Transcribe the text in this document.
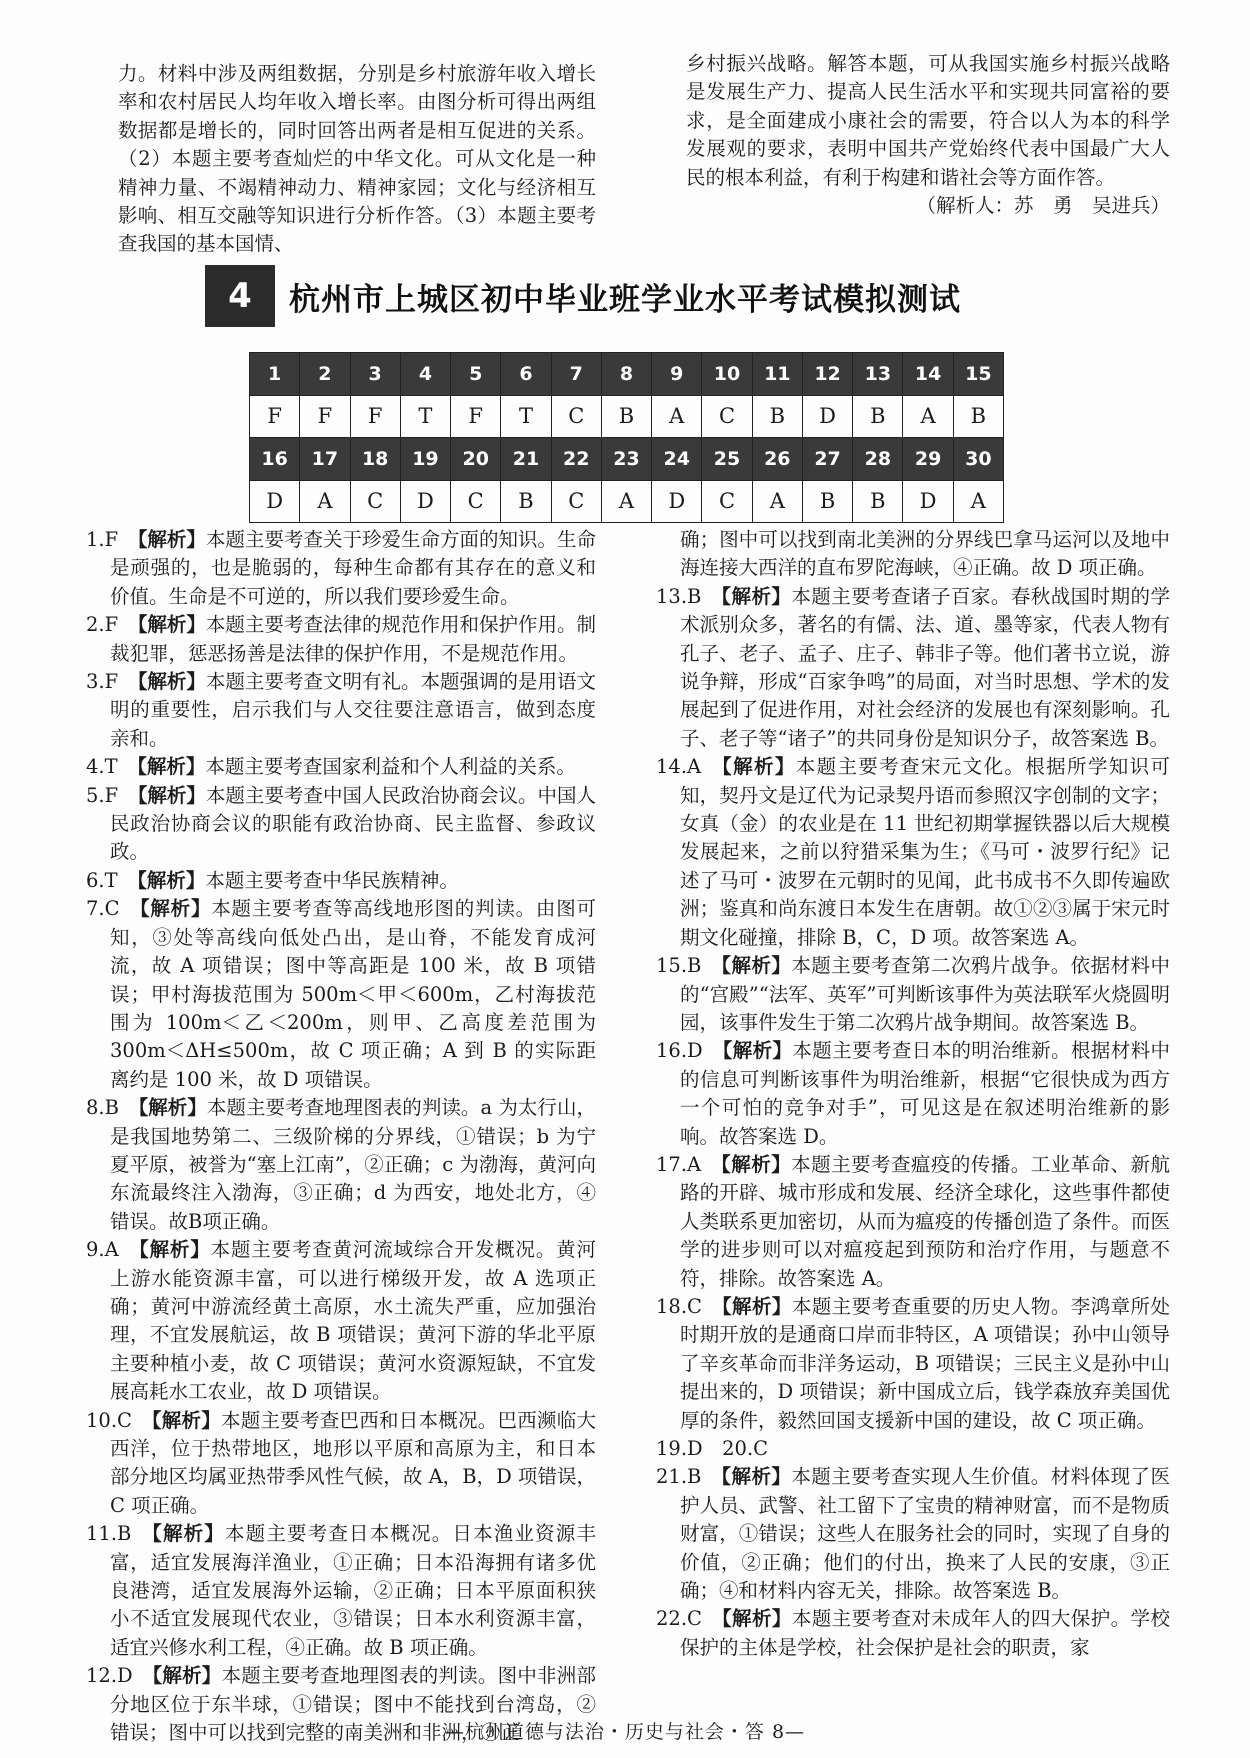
力。材料中涉及两组数据，分别是乡村旅游年收入增长率和农村居民人均年收入增长率。由图分析可得出两组数据都是增长的，同时回答出两者是相互促进的关系。（2）本题主要考查灿烂的中华文化。可从文化是一种精神力量、不竭精神动力、精神家园；文化与经济相互影响、相互交融等知识进行分析作答。（3）本题主要考查我国的基本国情、

乡村振兴战略。解答本题，可从我国实施乡村振兴战略是发展生产力、提高人民生活水平和实现共同富裕的要求，是全面建成小康社会的需要，符合以人为本的科学发展观的要求，表明中国共产党始终代表中国最广大人民的根本利益，有利于构建和谐社会等方面作答。

（解析人：苏　勇　吴进兵）

4	杭州市上城区初中毕业班学业水平考试模拟测试
1	2	3	4	5	6	7	8	9	10	11	12	13	14	15
F	F	F	T	F	T	C	B	A	C	B	D	B	A	B
16	17	18	19	20	21	22	23	24	25	26	27	28	29	30
D	A	C	D	C	B	C	A	D	C	A	B	B	D	A

1.F  【解析】本题主要考查关于珍爱生命方面的知识。生命是顽强的，也是脆弱的，每种生命都有其存在的意义和价值。生命是不可逆的，所以我们要珍爱生命。

2.F  【解析】本题主要考查法律的规范作用和保护作用。制裁犯罪，惩恶扬善是法律的保护作用，不是规范作用。

3.F  【解析】本题主要考查文明有礼。本题强调的是用语文明的重要性，启示我们与人交往要注意语言，做到态度亲和。

4.T  【解析】本题主要考查国家利益和个人利益的关系。

5.F  【解析】本题主要考查中国人民政治协商会议。中国人民政治协商会议的职能有政治协商、民主监督、参政议政。

6.T  【解析】本题主要考查中华民族精神。

7.C  【解析】本题主要考查等高线地形图的判读。由图可知，③处等高线向低处凸出，是山脊，不能发育成河流，故 A 项错误；图中等高距是 100 米，故 B 项错误；甲村海拔范围为 500m＜甲＜600m，乙村海拔范围为 100m＜乙＜200m，则甲、乙高度差范围为 300m＜ΔH≤500m，故 C 项正确；A 到 B 的实际距离约是 100 米，故 D 项错误。

8.B  【解析】本题主要考查地理图表的判读。a 为太行山，是我国地势第二、三级阶梯的分界线，①错误；b 为宁夏平原，被誉为“塞上江南”，②正确；c 为渤海，黄河向东流最终注入渤海，③正确；d 为西安，地处北方，④错误。故B项正确。

9.A  【解析】本题主要考查黄河流域综合开发概况。黄河上游水能资源丰富，可以进行梯级开发，故 A 选项正确；黄河中游流经黄土高原，水土流失严重，应加强治理，不宜发展航运，故 B 项错误；黄河下游的华北平原主要种植小麦，故 C 项错误；黄河水资源短缺，不宜发展高耗水工农业，故 D 项错误。

10.C  【解析】本题主要考查巴西和日本概况。巴西濒临大西洋，位于热带地区，地形以平原和高原为主，和日本部分地区均属亚热带季风性气候，故 A，B，D 项错误，C 项正确。

11.B  【解析】本题主要考查日本概况。日本渔业资源丰富，适宜发展海洋渔业，①正确；日本沿海拥有诸多优良港湾，适宜发展海外运输，②正确；日本平原面积狭小不适宜发展现代农业，③错误；日本水利资源丰富，适宜兴修水利工程，④正确。故 B 项正确。

12.D  【解析】本题主要考查地理图表的判读。图中非洲部分地区位于东半球，①错误；图中不能找到台湾岛，②错误；图中可以找到完整的南美洲和非洲，③正

确；图中可以找到南北美洲的分界线巴拿马运河以及地中海连接大西洋的直布罗陀海峡，④正确。故 D 项正确。

13.B  【解析】本题主要考查诸子百家。春秋战国时期的学术派别众多，著名的有儒、法、道、墨等家，代表人物有孔子、老子、孟子、庄子、韩非子等。他们著书立说，游说争辩，形成“百家争鸣”的局面，对当时思想、学术的发展起到了促进作用，对社会经济的发展也有深刻影响。孔子、老子等“诸子”的共同身份是知识分子，故答案选 B。

14.A  【解析】本题主要考查宋元文化。根据所学知识可知，契丹文是辽代为记录契丹语而参照汉字创制的文字；女真（金）的农业是在 11 世纪初期掌握铁器以后大规模发展起来，之前以狩猎采集为生；《马可・波罗行纪》记述了马可・波罗在元朝时的见闻，此书成书不久即传遍欧洲；鉴真和尚东渡日本发生在唐朝。故①②③属于宋元时期文化碰撞，排除 B，C，D 项。故答案选 A。

15.B  【解析】本题主要考查第二次鸦片战争。依据材料中的“宫殿”“法军、英军”可判断该事件为英法联军火烧圆明园，该事件发生于第二次鸦片战争期间。故答案选 B。

16.D  【解析】本题主要考查日本的明治维新。根据材料中的信息可判断该事件为明治维新，根据“它很快成为西方一个可怕的竞争对手”，可见这是在叙述明治维新的影响。故答案选 D。

17.A  【解析】本题主要考查瘟疫的传播。工业革命、新航路的开辟、城市形成和发展、经济全球化，这些事件都使人类联系更加密切，从而为瘟疫的传播创造了条件。而医学的进步则可以对瘟疫起到预防和治疗作用，与题意不符，排除。故答案选 A。

18.C  【解析】本题主要考查重要的历史人物。李鸿章所处时期开放的是通商口岸而非特区，A 项错误；孙中山领导了辛亥革命而非洋务运动，B 项错误；三民主义是孙中山提出来的，D 项错误；新中国成立后，钱学森放弃美国优厚的条件，毅然回国支援新中国的建设，故 C 项正确。

19.D　20.C

21.B  【解析】本题主要考查实现人生价值。材料体现了医护人员、武警、社工留下了宝贵的精神财富，而不是物质财富，①错误；这些人在服务社会的同时，实现了自身的价值，②正确；他们的付出，换来了人民的安康，③正确；④和材料内容无关，排除。故答案选 B。

22.C  【解析】本题主要考查对未成年人的四大保护。学校保护的主体是学校，社会保护是社会的职责，家

—杭州道德与法治・历史与社会・答 8—
